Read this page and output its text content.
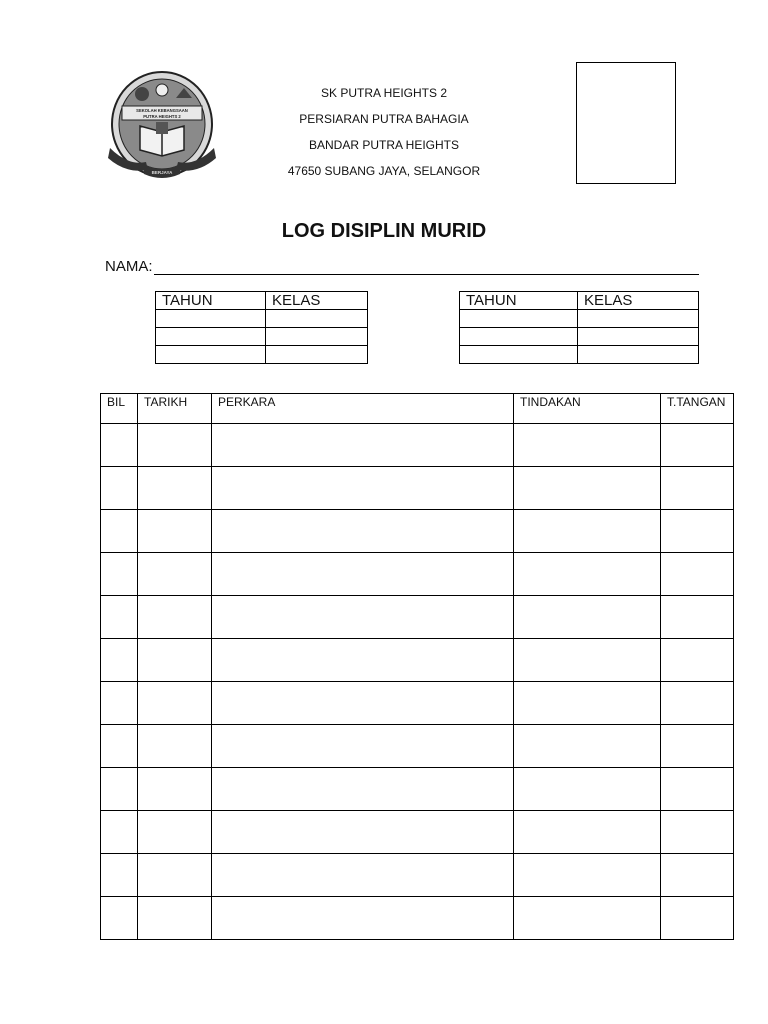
SEKOLAH KEBANGSAAN
PUTRA HEIGHTS 2
BERJAYA
SK PUTRA HEIGHTS 2
PERSIARAN PUTRA BAHAGIA
BANDAR PUTRA HEIGHTS
47650 SUBANG JAYA, SELANGOR
LOG DISIPLIN MURID
NAMA:
TAHUN	KELAS

		TAHUN	KELAS

BIL	TARIKH	PERKARA	TINDAKAN	T.TANGAN
